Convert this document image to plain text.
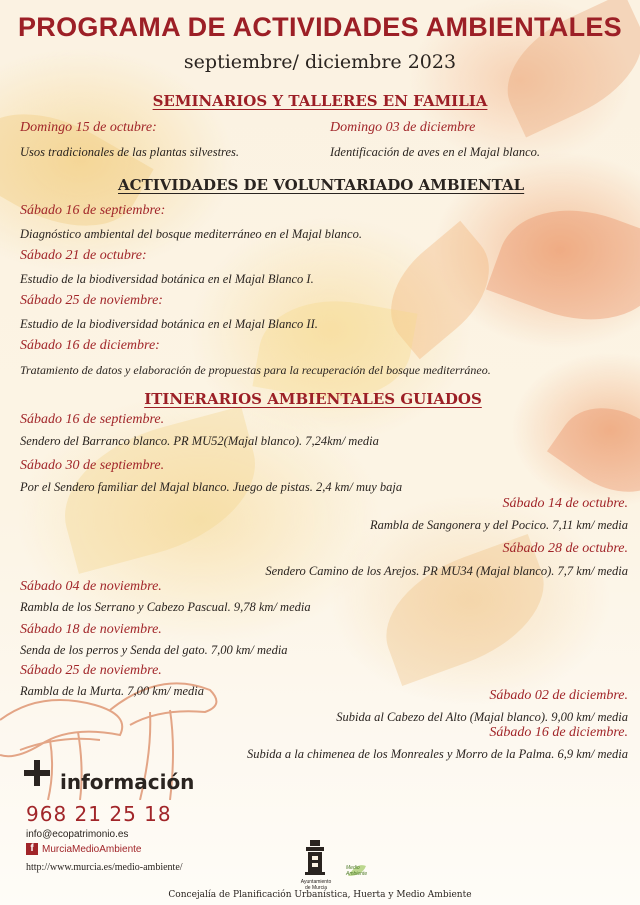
PROGRAMA DE ACTIVIDADES AMBIENTALES
septiembre/ diciembre 2023
SEMINARIOS Y TALLERES EN FAMILIA
Domingo 15 de octubre:
Usos tradicionales de las plantas silvestres.
Domingo 03 de diciembre
Identificación de aves en el Majal blanco.
ACTIVIDADES DE VOLUNTARIADO AMBIENTAL
Sábado 16 de septiembre:
Diagnóstico ambiental del bosque mediterráneo en el Majal blanco.
Sábado 21 de octubre:
Estudio de la biodiversidad botánica en el Majal Blanco I.
Sábado 25 de noviembre:
Estudio de la biodiversidad botánica en el Majal Blanco II.
Sábado 16 de diciembre:
Tratamiento de datos y elaboración de propuestas para la recuperación del bosque mediterráneo.
ITINERARIOS AMBIENTALES GUIADOS
Sábado 16 de septiembre.
Sendero del Barranco blanco. PR MU52(Majal blanco). 7,24km/ media
Sábado 30 de septiembre.
Por el Sendero familiar del Majal blanco. Juego de pistas. 2,4 km/ muy baja
Sábado 14 de octubre.
Rambla de Sangonera y del Pocico. 7,11 km/ media
Sábado 28 de octubre.
Sendero Camino de los Arejos. PR MU34 (Majal blanco). 7,7 km/ media
Sábado 04 de noviembre.
Rambla de los Serrano y Cabezo Pascual. 9,78 km/ media
Sábado 18 de noviembre.
Senda de los perros y Senda del gato. 7,00 km/ media
Sábado 25 de noviembre.
Rambla de la Murta. 7,00 km/ media	Sábado 02 de diciembre.
Subida al Cabezo del Alto (Majal blanco). 9,00 km/ media
Sábado 16 de diciembre.
Subida a la chimenea de los Monreales y Morro de la Palma. 6,9 km/ media
información
968 21 25 18
info@ecopatrimonio.es
f MurciaMedioAmbiente
http://www.murcia.es/medio-ambiente/
Ayuntamiento
de Murcia
Medio
Ambiente
Concejalía de Planificación Urbanística, Huerta y Medio Ambiente
